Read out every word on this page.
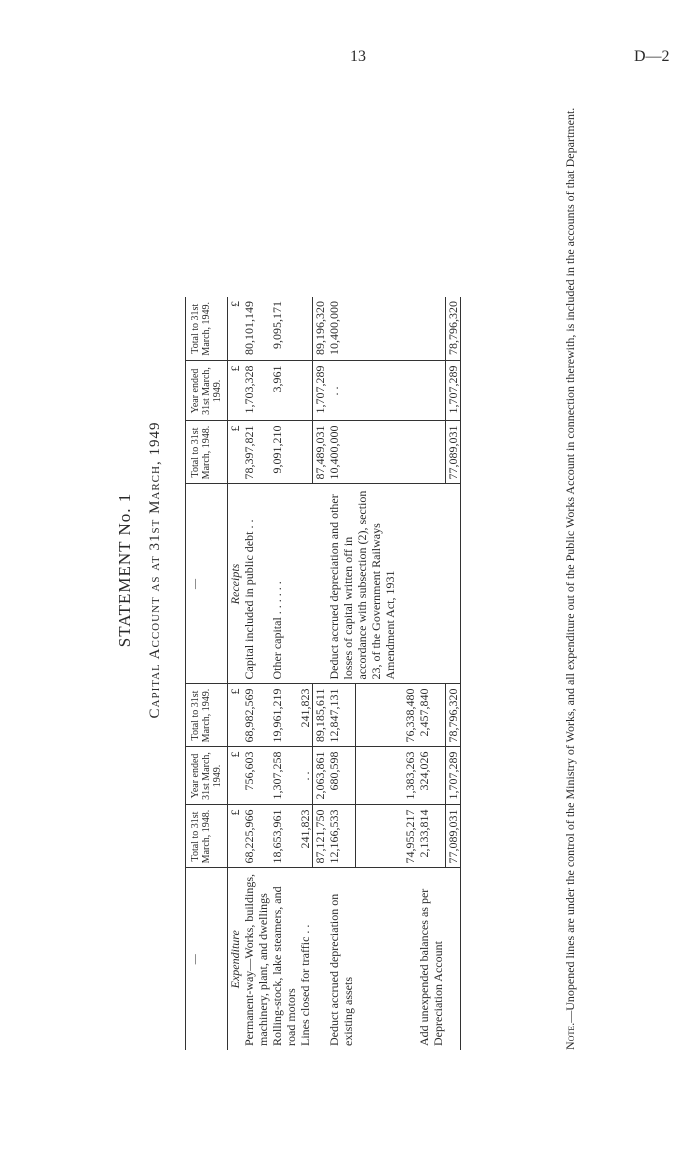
13	D—2
STATEMENT No. 1 Capital Account as at 31st March, 1949
—	Total to 31st March, 1948.	Year ended 31st March, 1949.	Total to 31st March, 1949.	—	Total to 31st March, 1948.	Year ended 31st March, 1949.	Total to 31st March, 1949.
Expenditure	£	£	£	Receipts	£	£	£
Permanent-way—Works, buildings, machinery, plant, and dwellings	68,225,966	756,603	68,982,569	Capital included in public debt . .	78,397,821	1,703,328	80,101,149
Rolling-stock, lake steamers, and road motors	18,653,961	1,307,258	19,961,219	Other capital . . . . . .	9,091,210	3,961	9,095,171
Lines closed for traffic . .	241,823	. .	241,823				
	87,121,750	2,063,861	89,185,611		87,489,031	1,707,289	89,196,320
Deduct accrued depreciation on existing assets	12,166,533	680,598	12,847,131	Deduct accrued depreciation and other losses of capital written off in accordance with subsection (2), section 23, of the Government Railways Amendment Act, 1931	10,400,000	. .	10,400,000
	74,955,217	1,383,263	76,338,480				
Add unexpended balances as per Depreciation Account	2,133,814	324,026	2,457,840				
	77,089,031	1,707,289	78,796,320		77,089,031	1,707,289	78,796,320
Note.—Unopened lines are under the control of the Ministry of Works, and all expenditure out of the Public Works Account in connection therewith, is included in the accounts of that Department.
